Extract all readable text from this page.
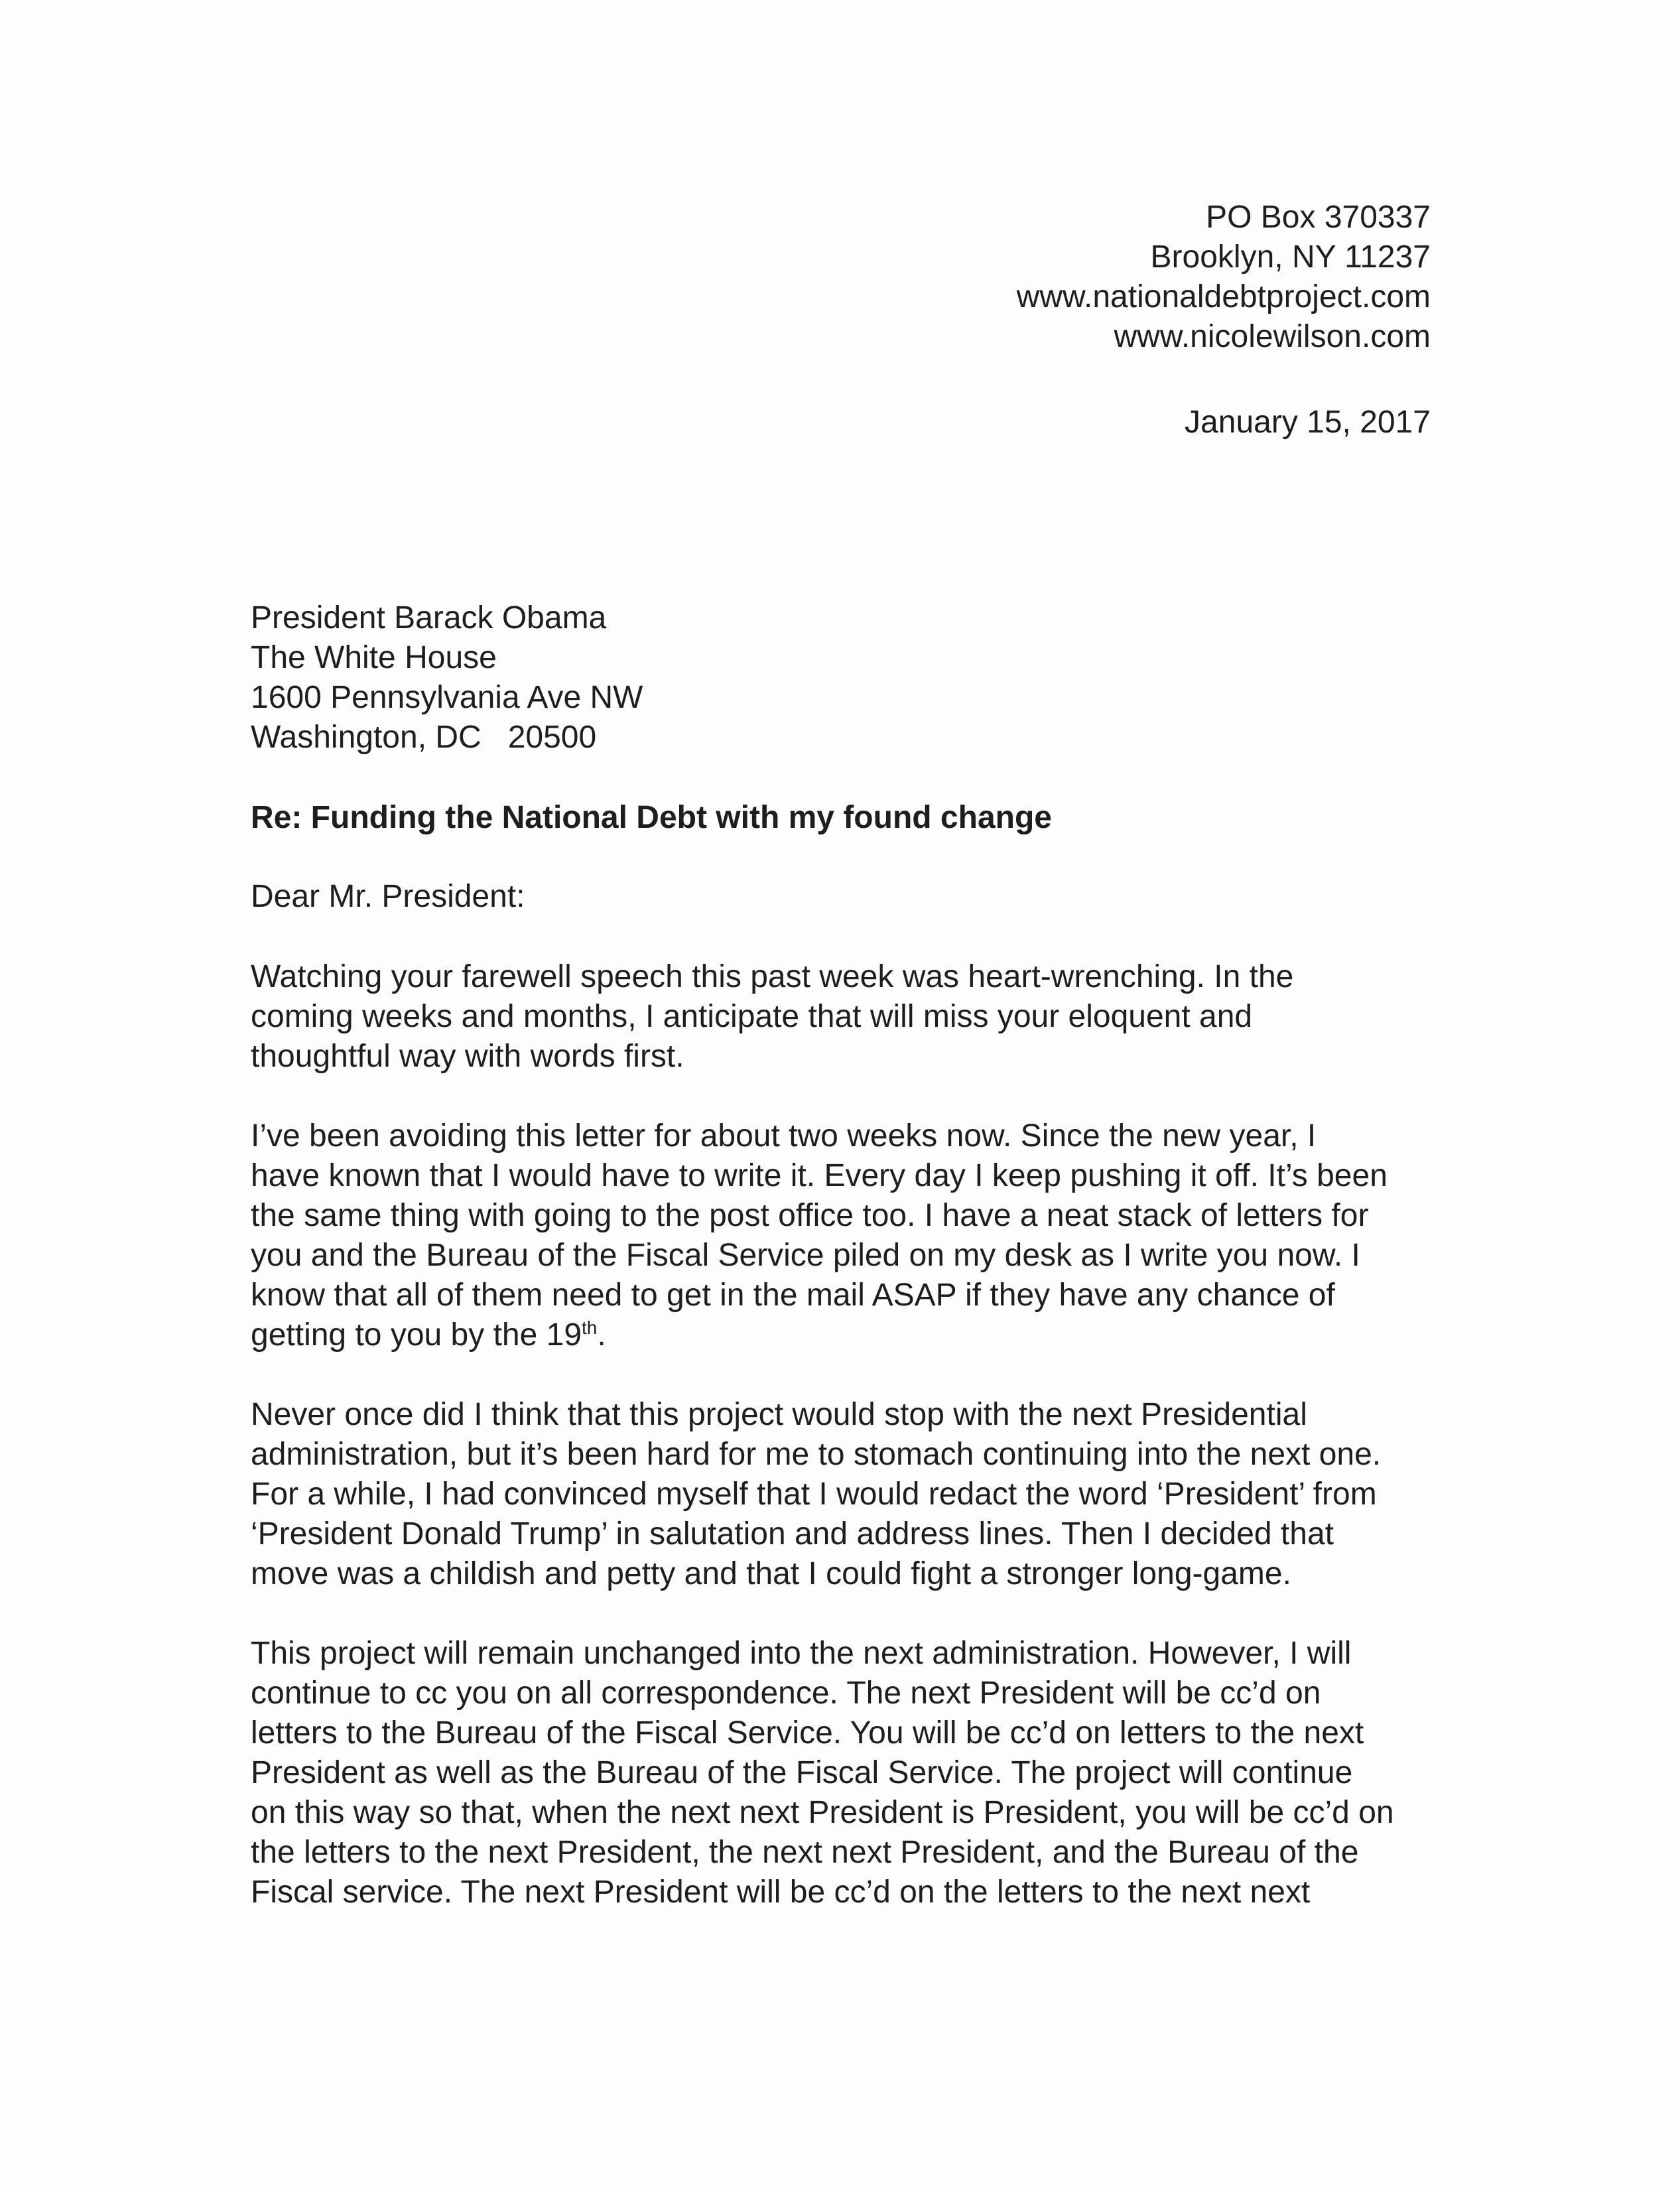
PO Box 370337
Brooklyn, NY 11237
www.nationaldebtproject.com
www.nicolewilson.com
January 15, 2017
President Barack Obama
The White House
1600 Pennsylvania Ave NW
Washington, DC   20500
Re: Funding the National Debt with my found change
Dear Mr. President:
Watching your farewell speech this past week was heart-wrenching. In the
coming weeks and months, I anticipate that will miss your eloquent and
thoughtful way with words first.
I’ve been avoiding this letter for about two weeks now. Since the new year, I
have known that I would have to write it. Every day I keep pushing it off. It’s been
the same thing with going to the post office too. I have a neat stack of letters for
you and the Bureau of the Fiscal Service piled on my desk as I write you now. I
know that all of them need to get in the mail ASAP if they have any chance of
getting to you by the 19th.
Never once did I think that this project would stop with the next Presidential
administration, but it’s been hard for me to stomach continuing into the next one.
For a while, I had convinced myself that I would redact the word ‘President’ from
‘President Donald Trump’ in salutation and address lines. Then I decided that
move was a childish and petty and that I could fight a stronger long-game.
This project will remain unchanged into the next administration. However, I will
continue to cc you on all correspondence. The next President will be cc’d on
letters to the Bureau of the Fiscal Service. You will be cc’d on letters to the next
President as well as the Bureau of the Fiscal Service. The project will continue
on this way so that, when the next next President is President, you will be cc’d on
the letters to the next President, the next next President, and the Bureau of the
Fiscal service. The next President will be cc’d on the letters to the next next
